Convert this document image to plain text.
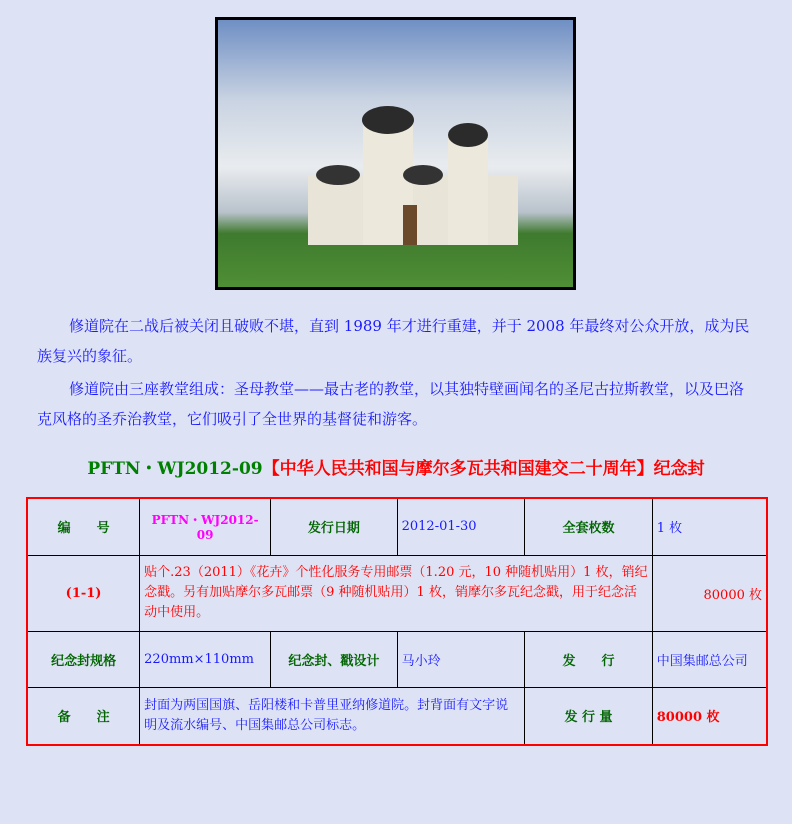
修道院在二战后被关闭且破败不堪，直到 1989 年才进行重建，并于 2008 年最终对公众开放，成为民族复兴的象征。
修道院由三座教堂组成：圣母教堂——最古老的教堂，以其独特壁画闻名的圣尼古拉斯教堂，以及巴洛克风格的圣乔治教堂，它们吸引了全世界的基督徒和游客。
PFTN・WJ2012-09【中华人民共和国与摩尔多瓦共和国建交二十周年】纪念封
编　　号	PFTN・WJ2012-09	发行日期	2012-01-30	全套枚数	1 枚
(1-1)	贴个.23（2011）《花卉》个性化服务专用邮票（1.20 元，10 种随机贴用）1 枚，销纪念戳。另有加贴摩尔多瓦邮票（9 种随机贴用）1 枚，销摩尔多瓦纪念戳，用于纪念活动中使用。				80000 枚
纪念封规格	220mm×110mm	纪念封、戳设计	马小玲	发　　行	中国集邮总公司
备　　注	封面为两国国旗、岳阳楼和卡普里亚纳修道院。封背面有文字说明及流水编号、中国集邮总公司标志。			发 行 量	80000 枚
